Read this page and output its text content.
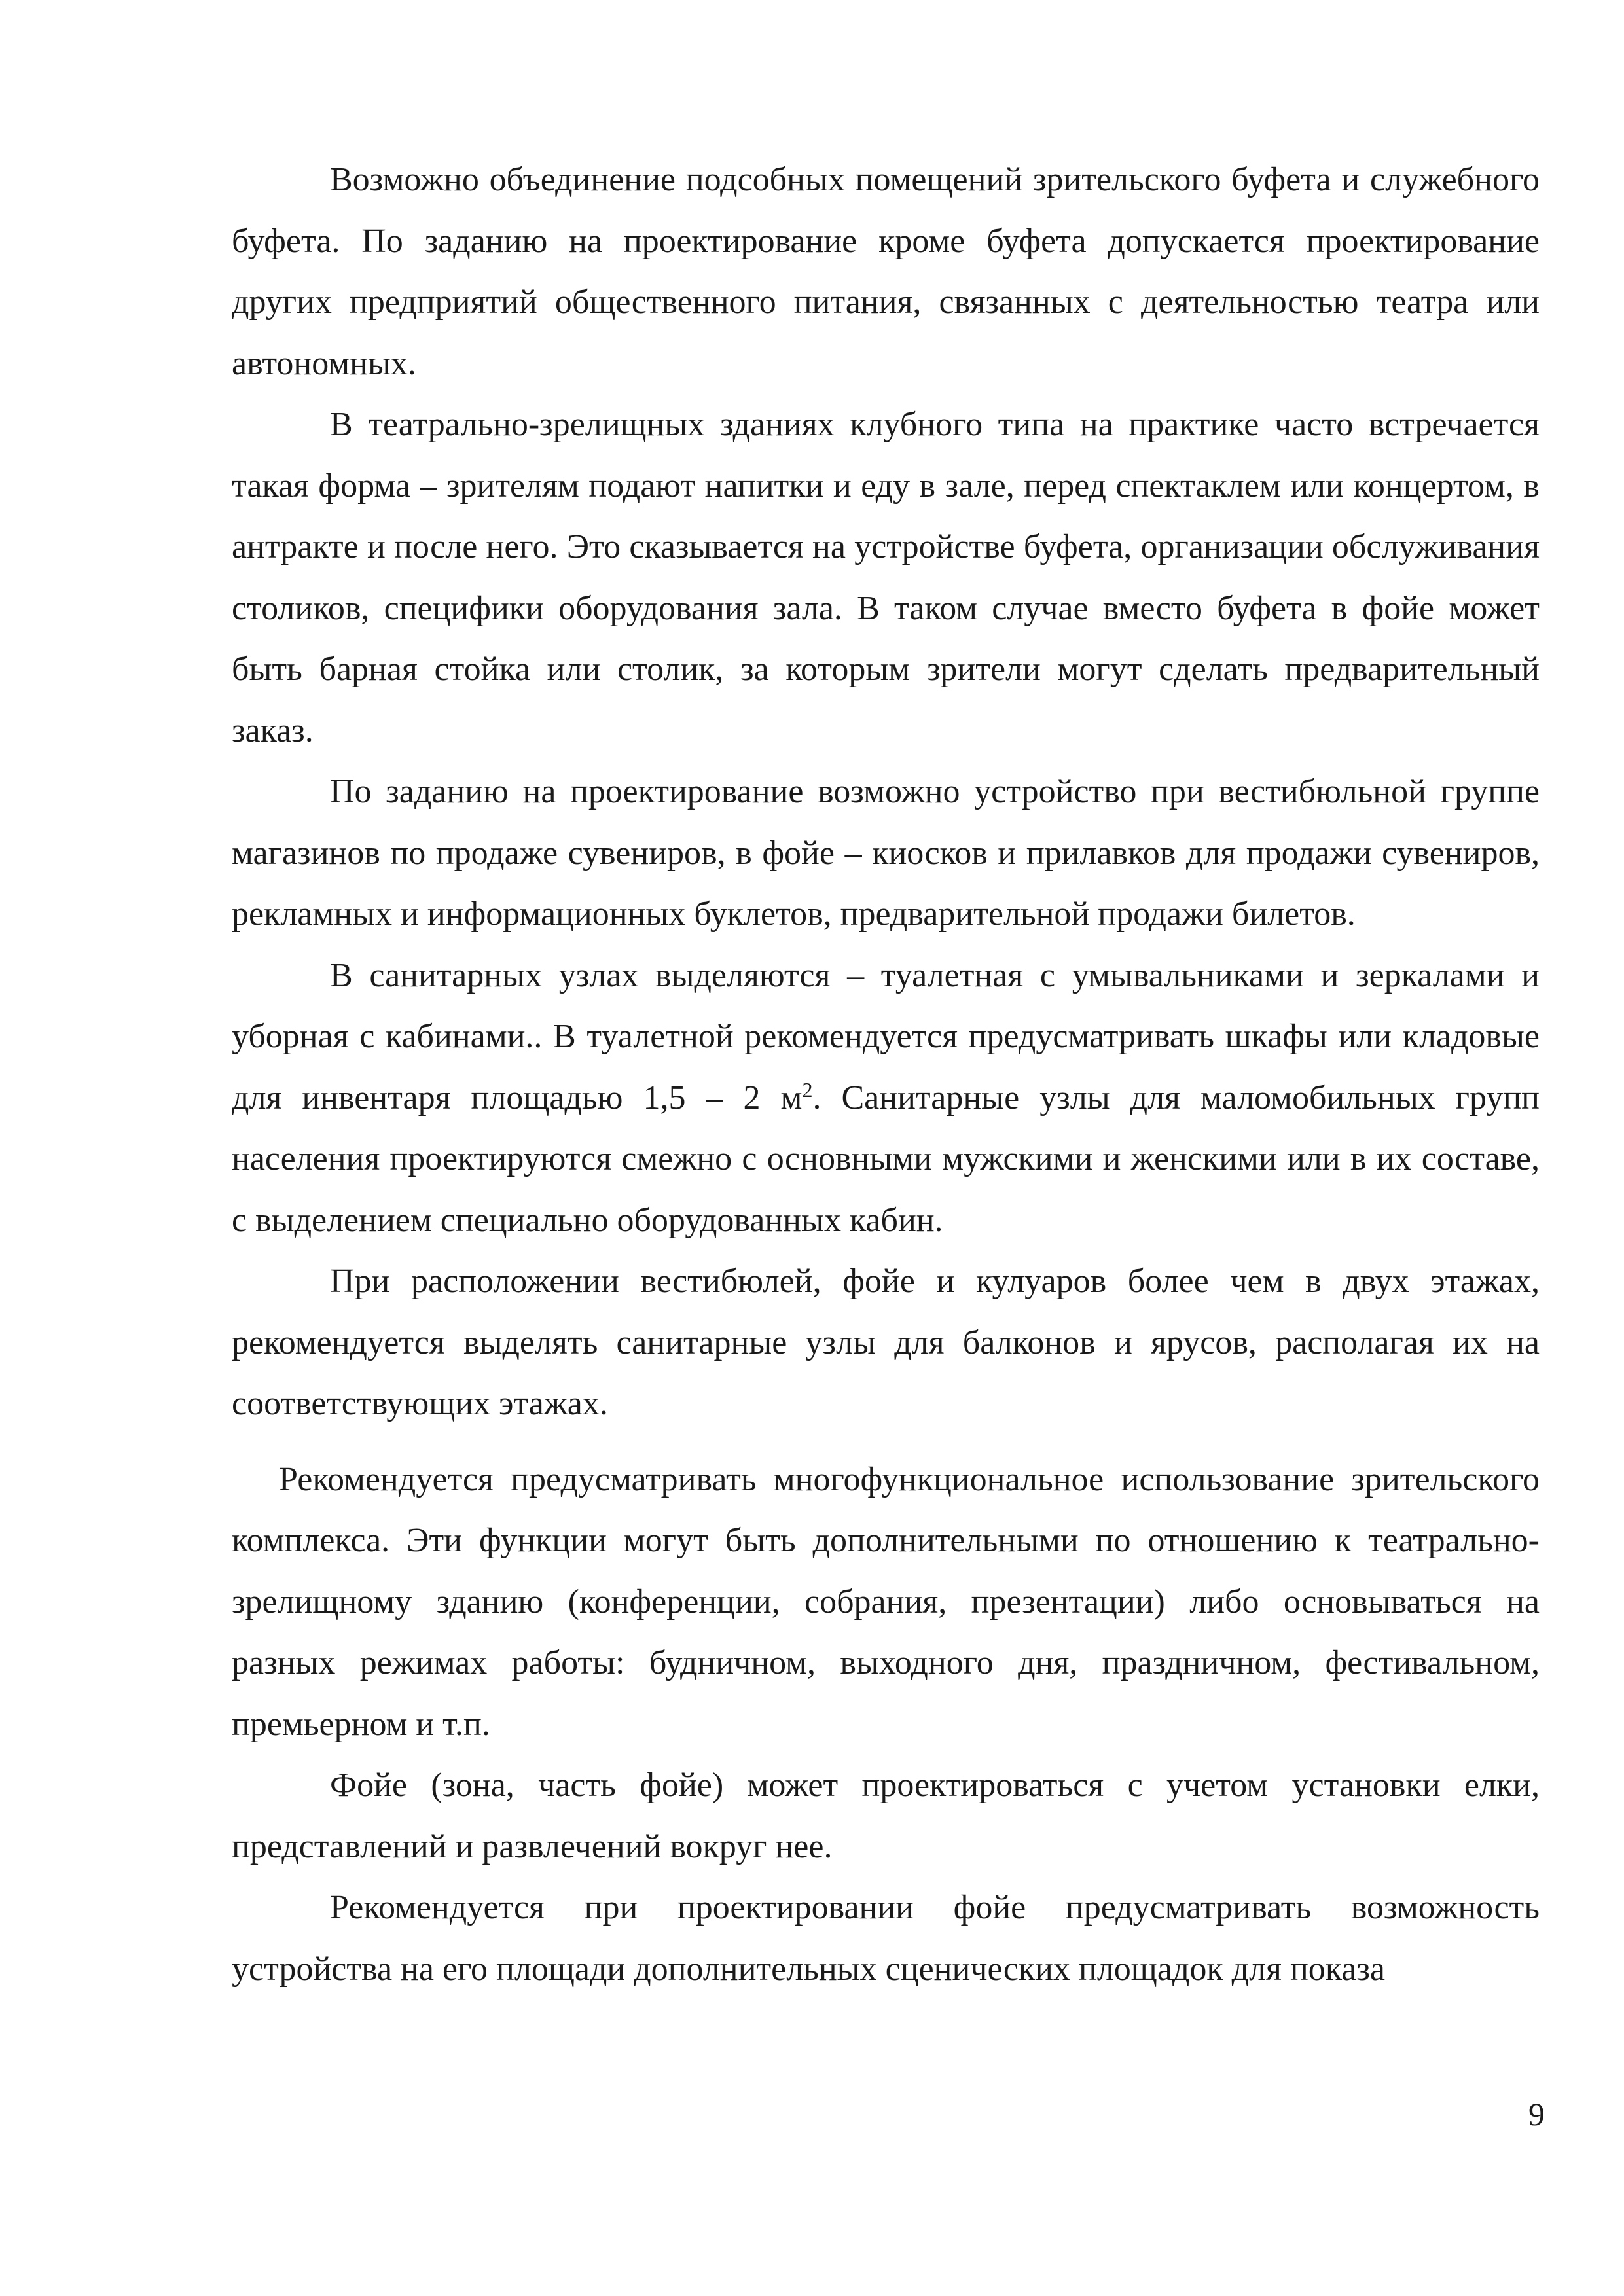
Возможно объединение подсобных помещений зрительского буфета и служебного буфета. По заданию на проектирование кроме буфета допускается проектирование других предприятий общественного питания, связанных с деятельностью театра или автономных.

В театрально-зрелищных зданиях клубного типа на практике часто встречается такая форма – зрителям подают напитки и еду в зале, перед спектаклем или концертом, в антракте и после него. Это сказывается на устройстве буфета, организации обслуживания столиков, специфики оборудования зала. В таком случае вместо буфета в фойе может быть барная стойка или столик, за которым зрители могут сделать предварительный заказ.

По заданию на проектирование возможно устройство при вестибюльной группе магазинов по продаже сувениров, в фойе – киосков и прилавков для продажи сувениров, рекламных и информационных буклетов, предварительной продажи билетов.

В санитарных узлах выделяются – туалетная с умывальниками и зеркалами и уборная с кабинами.. В туалетной рекомендуется предусматривать шкафы или кладовые для инвентаря площадью 1,5 – 2 $м^2$. Санитарные узлы для маломобильных групп населения проектируются смежно с основными мужскими и женскими или в их составе, с выделением специально оборудованных кабин.

При расположении вестибюлей, фойе и кулуаров более чем в двух этажах, рекомендуется выделять санитарные узлы для балконов и ярусов, располагая их на соответствующих этажах.

Рекомендуется предусматривать многофункциональное использование зрительского комплекса. Эти функции могут быть дополнительными по отношению к театрально-зрелищному зданию (конференции, собрания, презентации) либо основываться на разных режимах работы: будничном, выходного дня, праздничном, фестивальном, премьерном и т.п.

Фойе (зона, часть фойе) может проектироваться с учетом установки елки, представлений и развлечений вокруг нее.

Рекомендуется при проектировании фойе предусматривать возможность устройства на его площади дополнительных сценических площадок для показа

9
